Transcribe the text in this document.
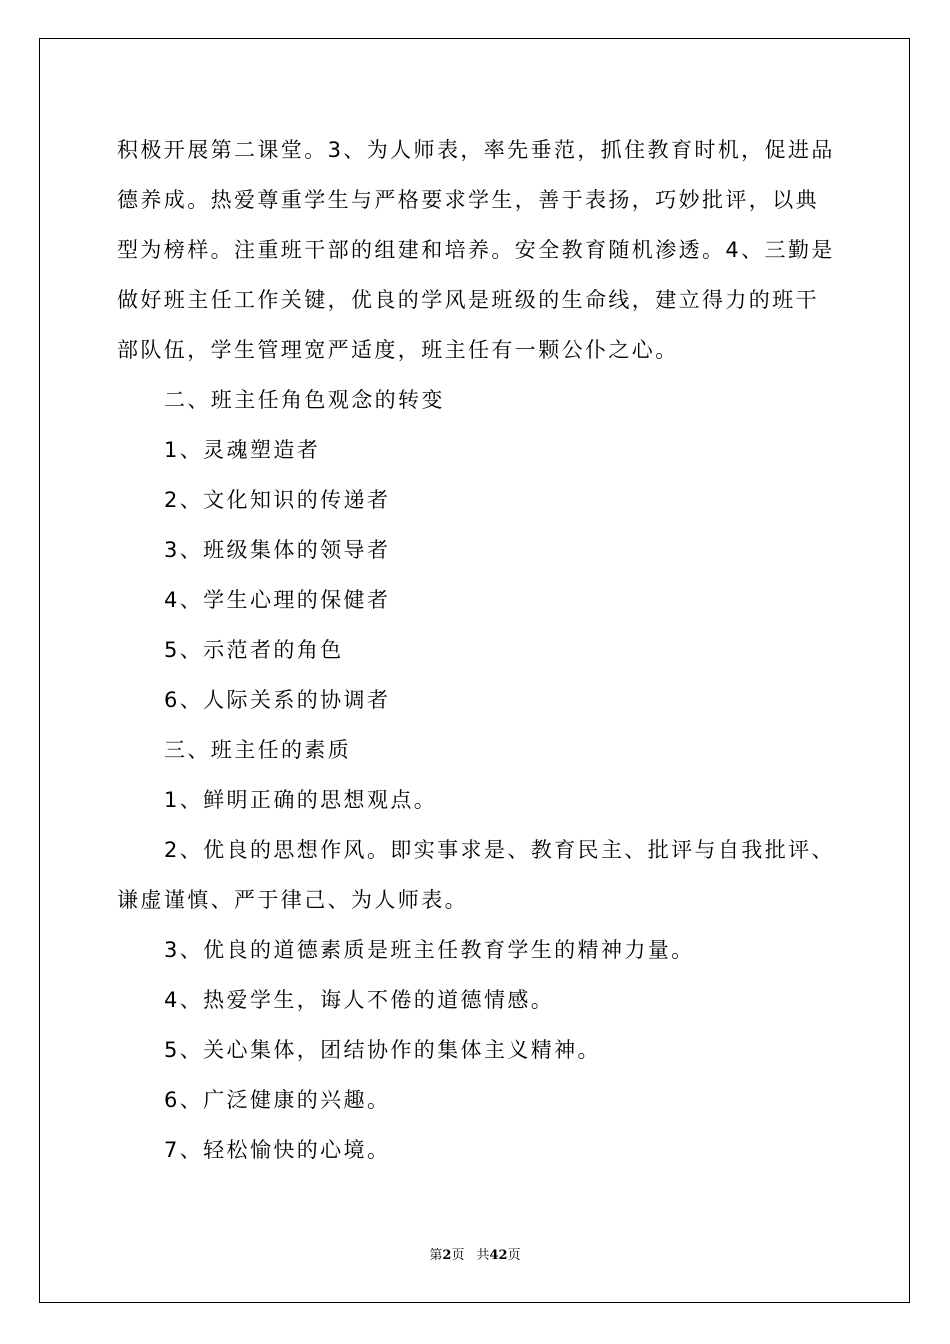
积极开展第二课堂。3、为人师表，率先垂范，抓住教育时机，促进品德养成。热爱尊重学生与严格要求学生，善于表扬，巧妙批评，以典型为榜样。注重班干部的组建和培养。安全教育随机渗透。4、三勤是做好班主任工作关键，优良的学风是班级的生命线，建立得力的班干部队伍，学生管理宽严适度，班主任有一颗公仆之心。

二、班主任角色观念的转变

1、灵魂塑造者

2、文化知识的传递者

3、班级集体的领导者

4、学生心理的保健者

5、示范者的角色

6、人际关系的协调者

三、班主任的素质

1、鲜明正确的思想观点。

2、优良的思想作风。即实事求是、教育民主、批评与自我批评、谦虚谨慎、严于律己、为人师表。

3、优良的道德素质是班主任教育学生的精神力量。

4、热爱学生，诲人不倦的道德情感。

5、关心集体，团结协作的集体主义精神。

6、广泛健康的兴趣。

7、轻松愉快的心境。

第2页 共42页
